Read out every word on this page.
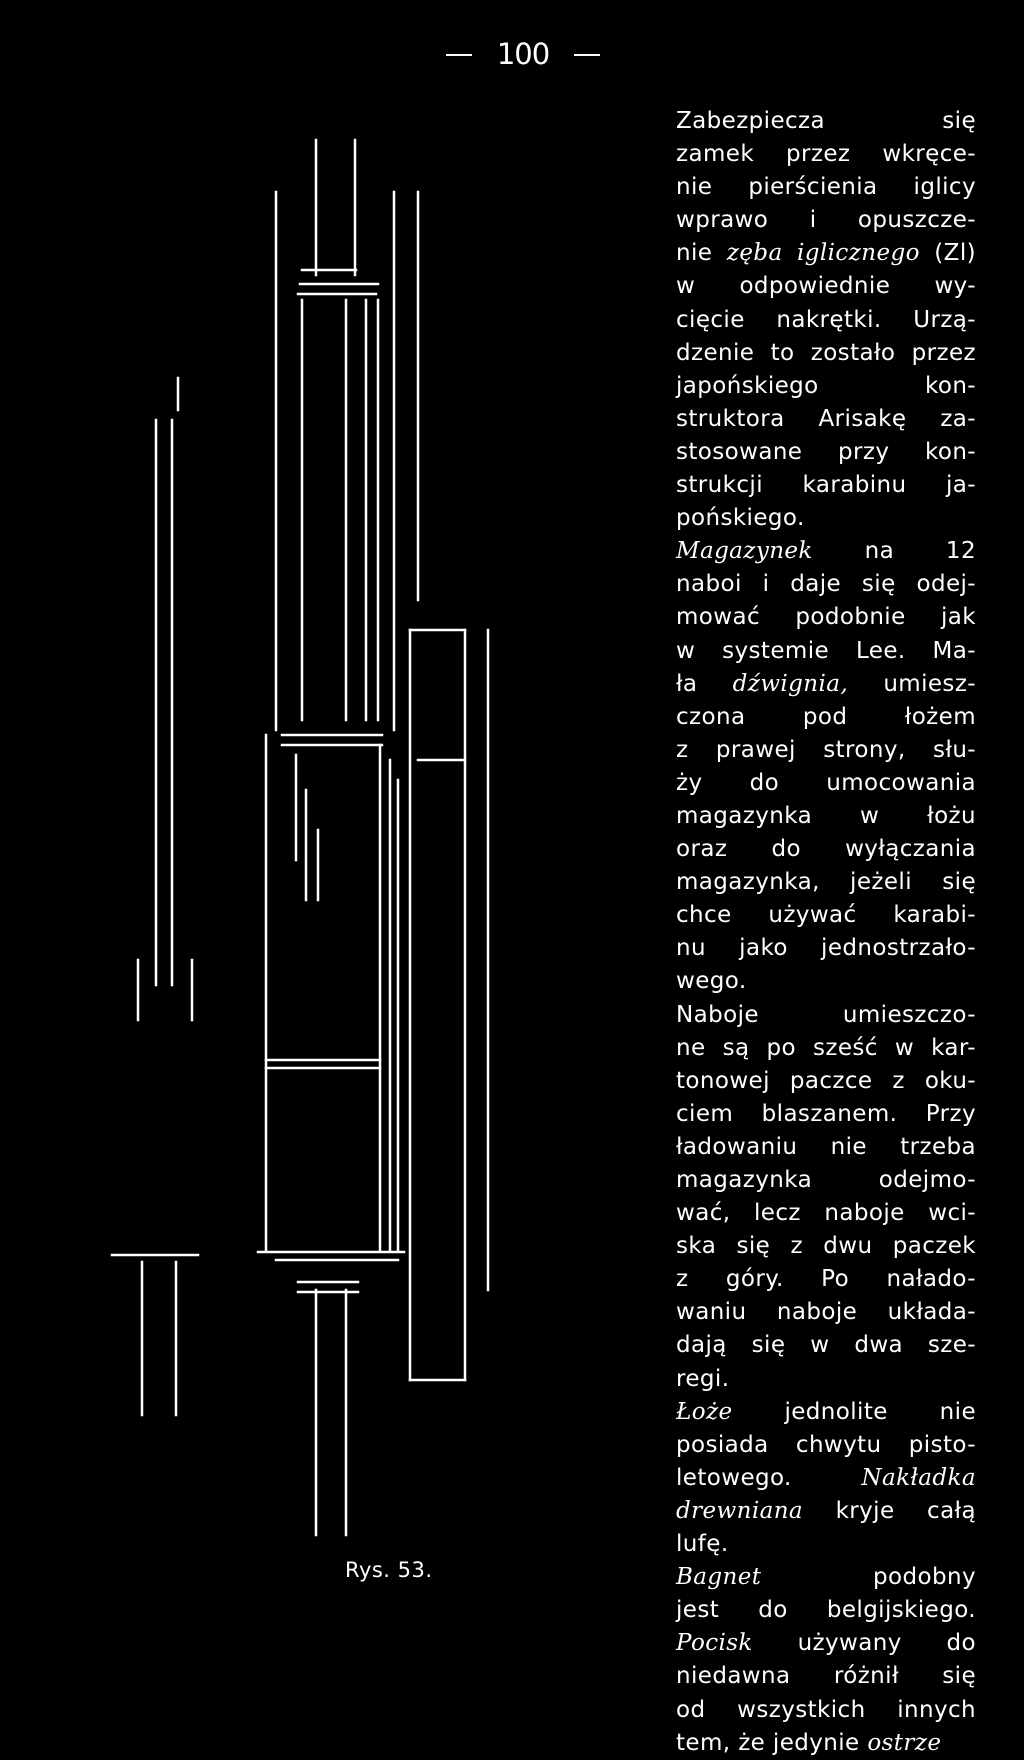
100
Rys. 53.
Zabezpiecza się
zamek przez wkręce-
nie pierścienia iglicy
wprawo i opuszcze-
nie zęba iglicznego (Zl)
w odpowiednie wy-
cięcie nakrętki. Urzą-
dzenie to zostało przez
japońskiego kon-
struktora Arisakę za-
stosowane przy kon-
strukcji karabinu ja-
pońskiego.
Magazynek na 12
naboi i daje się odej-
mować podobnie jak
w systemie Lee. Ma-
ła dźwignia, umiesz-
czona pod łożem
z prawej strony, słu-
ży do umocowania
magazynka w łożu
oraz do wyłączania
magazynka, jeżeli się
chce używać karabi-
nu jako jednostrzało-
wego.
Naboje umieszczo-
ne są po sześć w kar-
tonowej paczce z oku-
ciem blaszanem. Przy
ładowaniu nie trzeba
magazynka odejmo-
wać, lecz naboje wci-
ska się z dwu paczek
z góry. Po nałado-
waniu naboje układa-
dają się w dwa sze-
regi.
Łoże jednolite nie
posiada chwytu pisto-
letowego. Nakładka
drewniana kryje całą
lufę.
Bagnet podobny
jest do belgijskiego.
Pocisk używany do
niedawna różnił się
od wszystkich innych
tem, że jedynie ostrze
